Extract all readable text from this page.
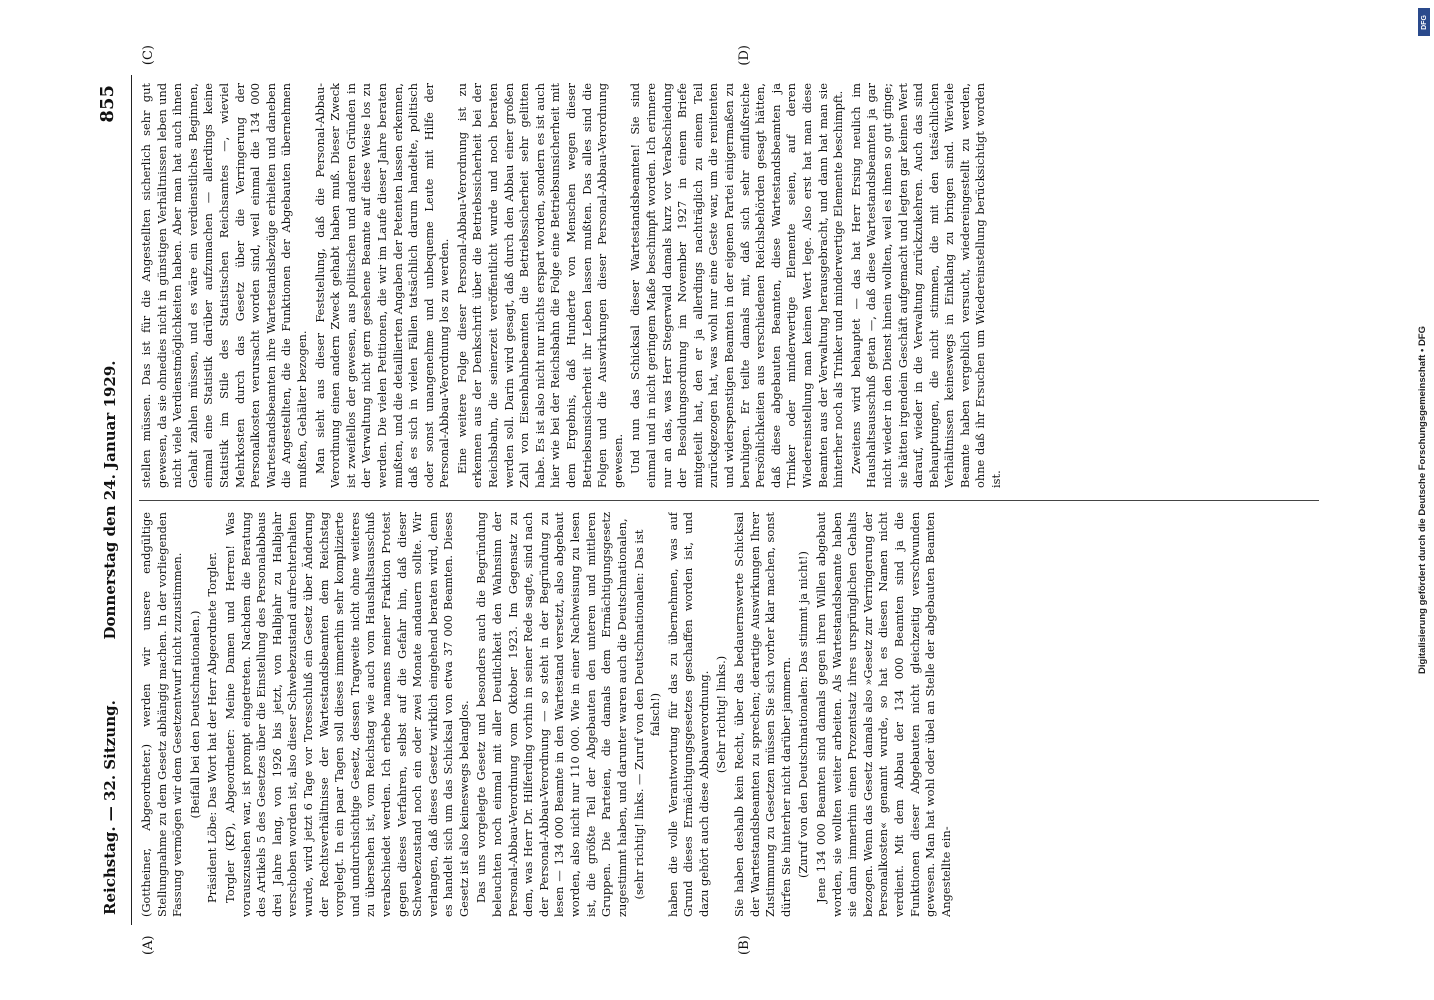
Reichstag. — 32. Sitzung.
Donnerstag den 24. Januar 1929.
855
(A)	(B)
(C)	(D)

(Gottheiner, Abgeordneter.) werden wir unsere endgültige Stellungnahme zu dem Gesetz abhängig machen. In der vorliegenden Fassung vermögen wir dem Gesetzentwurf nicht zuzustimmen. (Beifall bei den Deutschnationalen.) Präsident Löbe: Das Wort hat der Herr Abgeordnete Torgler. Torgler (KP), Abgeordneter: Meine Damen und Herren! Was vorauszusehen war, ist prompt eingetreten. Nachdem die Beratung des Artikels 5 des Gesetzes über die Einstellung des Personalabbaus drei Jahre lang, von 1926 bis jetzt, von Halbjahr zu Halbjahr verschoben worden ist, also dieser Schwebezustand aufrechterhalten wurde, wird jetzt 6 Tage vor Toresschluß ein Gesetz über Änderung der Rechtsverhältnisse der Wartestandsbeamten dem Reichstag vorgelegt. In ein paar Tagen soll dieses immerhin sehr komplizierte und undurchsichtige Gesetz, dessen Tragweite nicht ohne weiteres zu übersehen ist, vom Reichstag wie auch vom Haushaltsausschuß verabschiedet werden. Ich erhebe namens meiner Fraktion Protest gegen dieses Verfahren, selbst auf die Gefahr hin, daß dieser Schwebezustand noch ein oder zwei Monate andauern sollte. Wir verlangen, daß dieses Gesetz wirklich eingehend beraten wird, denn es handelt sich um das Schicksal von etwa 37 000 Beamten. Dieses Gesetz ist also keineswegs belanglos. Das uns vorgelegte Gesetz und besonders auch die Begründung beleuchten noch einmal mit aller Deutlichkeit den Wahnsinn der Personal-Abbau-Verordnung vom Oktober 1923. Im Gegensatz zu dem, was Herr Dr. Hilferding vorhin in seiner Rede sagte, sind nach der Personal-Abbau-Verordnung — so steht in der Begründung zu lesen — 134 000 Beamte in den Wartestand versetzt, also abgebaut worden, also nicht nur 110 000. Wie in einer Nachweisung zu lesen ist, die größte Teil der Abgebauten den unteren und mittleren Gruppen. Die Parteien, die damals dem Ermächtigungsgesetz zugestimmt haben, und darunter waren auch die Deutschnationalen, (sehr richtig! links. — Zuruf von den Deutschnationalen: Das ist falsch!) haben die volle Verantwortung für das zu übernehmen, was auf Grund dieses Ermächtigungsgesetzes geschaffen worden ist, und dazu gehört auch diese Abbauverordnung. (Sehr richtig! links.) Sie haben deshalb kein Recht, über das bedauernswerte Schicksal der Wartestandsbeamten zu sprechen; derartige Auswirkungen Ihrer Zustimmung zu Gesetzen müssen Sie sich vorher klar machen, sonst dürfen Sie hinterher nicht darüber jammern. (Zuruf von den Deutschnationalen: Das stimmt ja nicht!) Jene 134 000 Beamten sind damals gegen ihren Willen abgebaut worden, sie wollten weiter arbeiten. Als Wartestandsbeamte haben sie dann immerhin einen Prozentsatz ihres ursprünglichen Gehalts bezogen. Wenn das Gesetz damals also »Gesetz zur Verringerung der Personalkosten« genannt wurde, so hat es diesen Namen nicht verdient. Mit dem Abbau der 134 000 Beamten sind ja die Funktionen dieser Abgebauten nicht gleichzeitig verschwunden gewesen. Man hat wohl oder übel an Stelle der abgebauten Beamten Angestellte ein-

stellen müssen. Das ist für die Angestellten sicherlich sehr gut gewesen, da sie ohnedies nicht in günstigen Verhältnissen leben und nicht viele Verdienstmöglichkeiten haben. Aber man hat auch ihnen Gehalt zahlen müssen, und es wäre ein verdienstliches Beginnen, einmal eine Statistik darüber aufzumachen — allerdings keine Statistik im Stile des Statistischen Reichsamtes —, wieviel Mehrkosten durch das Gesetz über die Verringerung der Personalkosten verursacht worden sind, weil einmal die 134 000 Wartestandsbeamten ihre Wartestandsbezüge erhielten und daneben die Angestellten, die die Funktionen der Abgebauten übernehmen mußten, Gehälter bezogen. Man sieht aus dieser Feststellung, daß die Personal-Abbau-Verordnung einen andern Zweck gehabt haben muß. Dieser Zweck ist zweifellos der gewesen, aus politischen und anderen Gründen in der Verwaltung nicht gern gesehene Beamte auf diese Weise los zu werden. Die vielen Petitionen, die wir im Laufe dieser Jahre beraten mußten, und die detaillierten Angaben der Petenten lassen erkennen, daß es sich in vielen Fällen tatsächlich darum handelte, politisch oder sonst unangenehme und unbequeme Leute mit Hilfe der Personal-Abbau-Verordnung los zu werden. Eine weitere Folge dieser Personal-Abbau-Verordnung ist zu erkennen aus der Denkschrift über die Betriebssicherheit bei der Reichsbahn, die seinerzeit veröffentlicht wurde und noch beraten werden soll. Darin wird gesagt, daß durch den Abbau einer großen Zahl von Eisenbahnbeamten die Betriebssicherheit sehr gelitten habe. Es ist also nicht nur nichts erspart worden, sondern es ist auch hier wie bei der Reichsbahn die Folge eine Betriebsunsicherheit mit dem Ergebnis, daß Hunderte von Menschen wegen dieser Betriebsunsicherheit ihr Leben lassen mußten. Das alles sind die Folgen und die Auswirkungen dieser Personal-Abbau-Verordnung gewesen. Und nun das Schicksal dieser Wartestandsbeamten! Sie sind einmal und in nicht geringem Maße beschimpft worden. Ich erinnere nur an das, was Herr Stegerwald damals kurz vor Verabschiedung der Besoldungsordnung im November 1927 in einem Briefe mitgeteilt hat, den er ja allerdings nachträglich zu einem Teil zurückgezogen hat, was wohl nur eine Geste war, um die renitenten und widerspenstigen Beamten in der eigenen Partei einigermaßen zu beruhigen. Er teilte damals mit, daß sich sehr einflußreiche Persönlichkeiten aus verschiedenen Reichsbehörden gesagt hätten, daß diese abgebauten Beamten, diese Wartestandsbeamten ja Trinker oder minderwertige Elemente seien, auf deren Wiedereinstellung man keinen Wert lege. Also erst hat man diese Beamten aus der Verwaltung herausgebracht, und dann hat man sie hinterher noch als Trinker und minderwertige Elemente beschimpft. Zweitens wird behauptet — das hat Herr Ersing neulich im Haushaltsausschuß getan —, daß diese Wartestandsbeamten ja gar nicht wieder in den Dienst hinein wollten, weil es ihnen so gut ginge; sie hätten irgendein Geschäft aufgemacht und legten gar keinen Wert darauf, wieder in die Verwaltung zurückzukehren. Auch das sind Behauptungen, die nicht stimmen, die mit den tatsächlichen Verhältnissen keineswegs in Einklang zu bringen sind. Wieviele Beamte haben vergeblich versucht, wiedereingestellt zu werden, ohne daß ihr Ersuchen um Wiedereinstellung berücksichtigt worden ist.	Digitalisierung gefördert durch die Deutsche Forschungsgemeinschaft • DFG
DFG
